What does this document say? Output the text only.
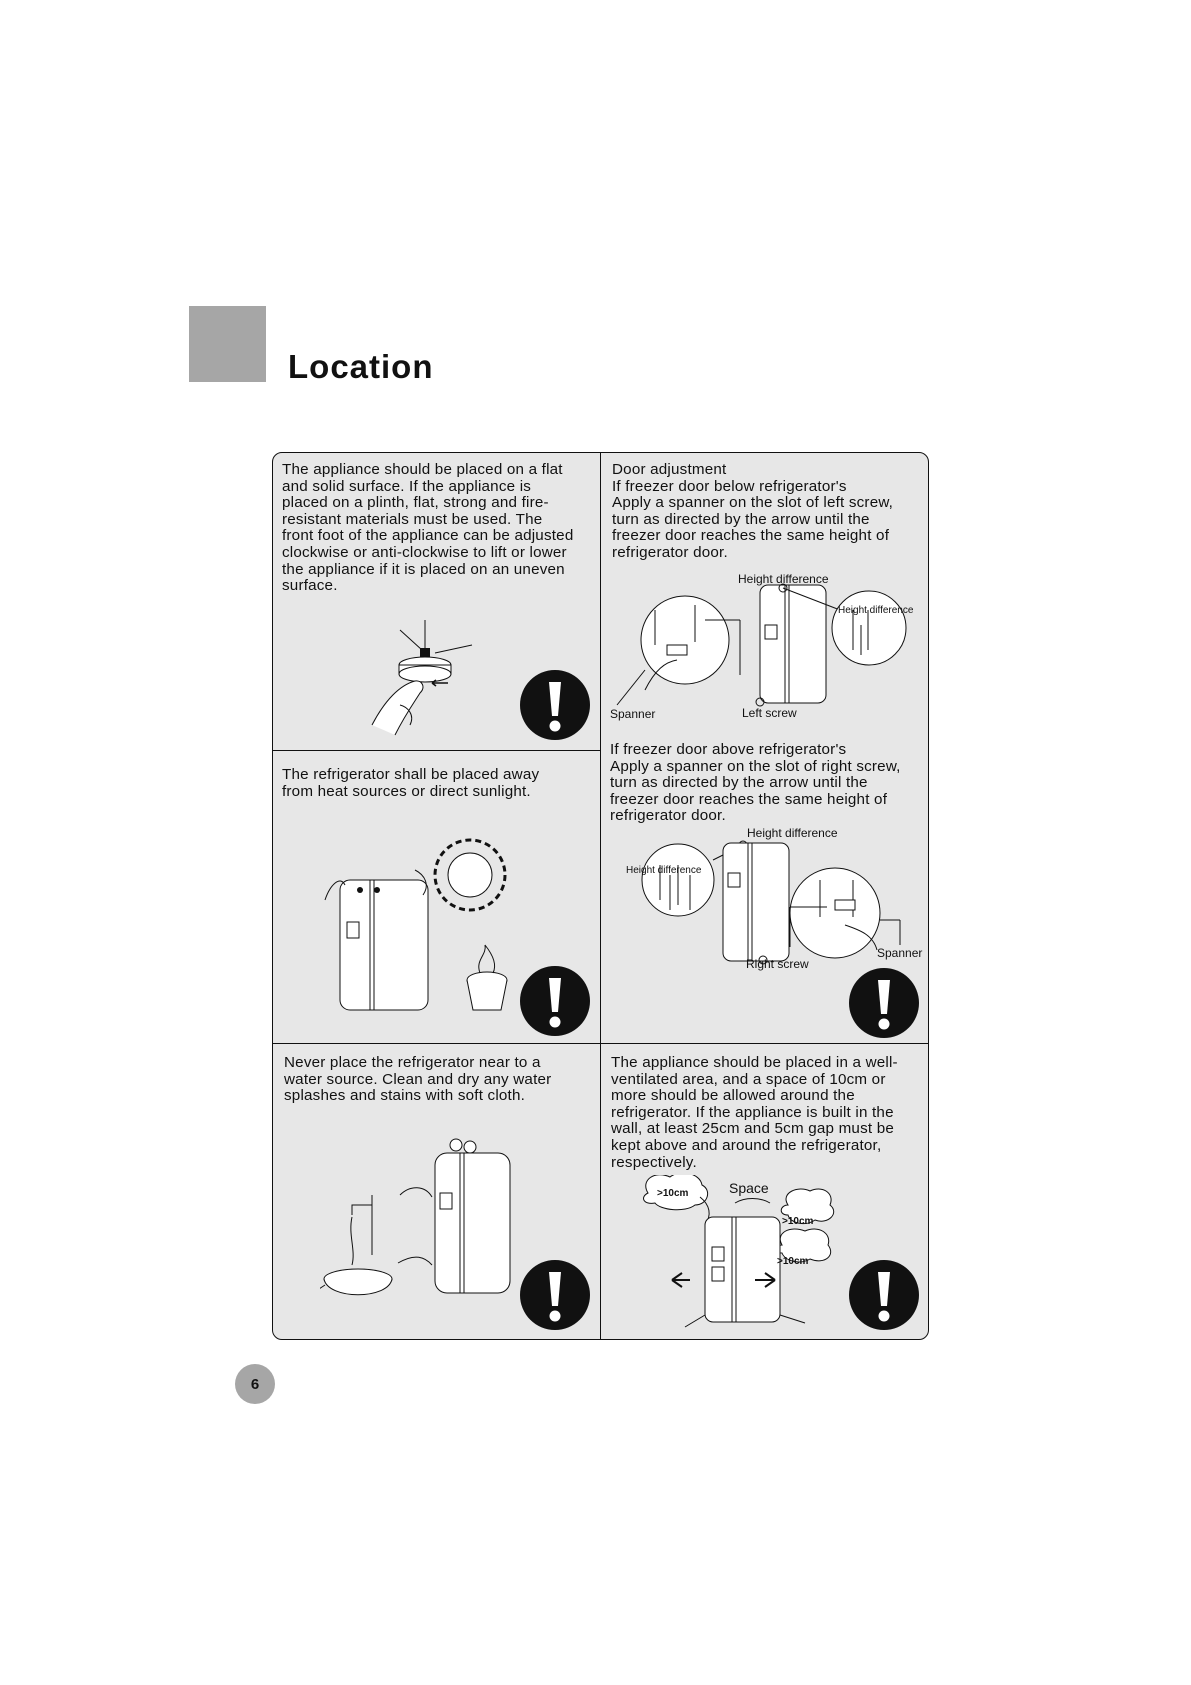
Location

The appliance should be placed on a flat
and solid surface. If the appliance is
placed on a plinth, flat, strong and fire-
resistant materials must be used. The
front foot of the appliance can be adjusted
clockwise or anti-clockwise to lift or lower
the appliance if it is placed on an uneven
surface.

Door adjustment
If freezer door below refrigerator's
Apply a spanner on the slot of left screw,
turn as directed by the arrow until the
freezer door reaches the same height of
refrigerator door.

Height difference
Height difference
Spanner	Left screw

The refrigerator shall be placed away
from heat sources or direct sunlight.

If freezer door above refrigerator's
Apply a spanner on the slot of right screw,
turn as directed by the arrow until the
freezer door reaches the same height of
refrigerator door.

Height difference
Height difference
Spanner
Right screw

Never place the refrigerator near to a
water source. Clean and dry any water
splashes and stains with soft cloth.

The appliance should be placed in a well-
ventilated area, and a space of 10cm or
more should be allowed around the
refrigerator. If the appliance is built in the
wall, at least 25cm and 5cm gap must be
kept above and around the refrigerator,
respectively.

Space
>10cm
>10cm
>10cm
6
